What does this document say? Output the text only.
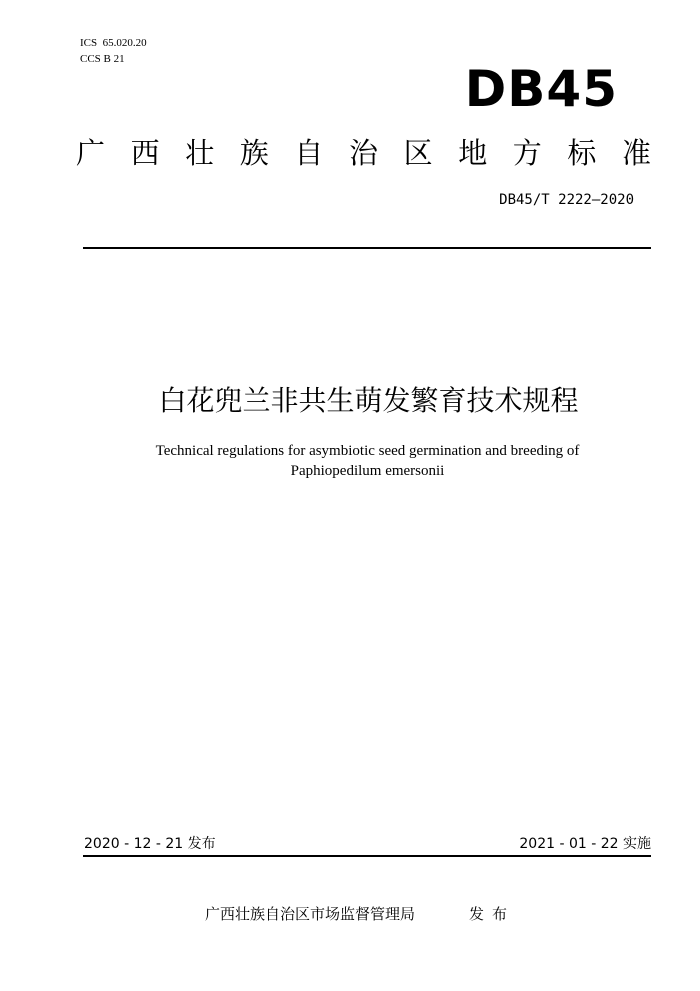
ICS  65.020.20
CCS B 21
DB45
广西壮族自治区地方标准
DB45/T 2222—2020
白花兜兰非共生萌发繁育技术规程
Technical regulations for asymbiotic seed germination and breeding of Paphiopedilum emersonii
2020 - 12 - 21 发布	2021 - 01 - 22 实施
广西壮族自治区市场监督管理局	发布
